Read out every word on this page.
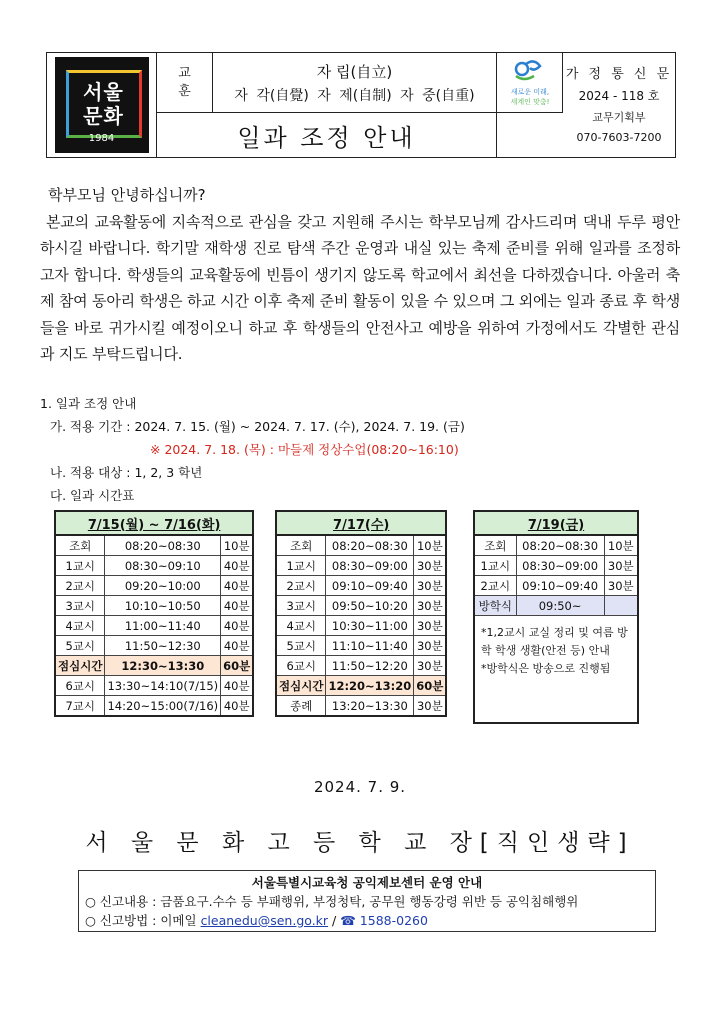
서울
문화
1984
교
훈
자 립(自立)
자 각(自覺) 자 제(自制) 자 중(自重)	새로운 미래,
세계인 맞춤!
일과 조정 안내
가 정 통 신 문
2024 - 118 호
교무기획부
070-7603-7200
학부모님 안녕하십니까?
본교의 교육활동에 지속적으로 관심을 갖고 지원해 주시는 학부모님께 감사드리며 댁내 두루 평안하시길 바랍니다. 학기말 재학생 진로 탐색 주간 운영과 내실 있는 축제 준비를 위해 일과를 조정하고자 합니다. 학생들의 교육활동에 빈틈이 생기지 않도록 학교에서 최선을 다하겠습니다. 아울러 축제 참여 동아리 학생은 하교 시간 이후 축제 준비 활동이 있을 수 있으며 그 외에는 일과 종료 후 학생들을 바로 귀가시킬 예정이오니 하교 후 학생들의 안전사고 예방을 위하여 가정에서도 각별한 관심과 지도 부탁드립니다.
1. 일과 조정 안내
가. 적용 기간 : 2024. 7. 15. (월) ~ 2024. 7. 17. (수), 2024. 7. 19. (금)
※ 2024. 7. 18. (목) : 마들제 정상수업(08:20~16:10)
나. 적용 대상 : 1, 2, 3 학년
다. 일과 시간표
7/15(월) ~ 7/16(화)		
조회	08:20~08:30	10분
1교시	08:30~09:10	40분
2교시	09:20~10:00	40분
3교시	10:10~10:50	40분
4교시	11:00~11:40	40분
5교시	11:50~12:30	40분
점심시간	12:30~13:30	60분
6교시	13:30~14:10(7/15)	40분
7교시	14:20~15:00(7/16)	40분
7/17(수)		
조회	08:20~08:30	10분
1교시	08:30~09:00	30분
2교시	09:10~09:40	30분
3교시	09:50~10:20	30분
4교시	10:30~11:00	30분
5교시	11:10~11:40	30분
6교시	11:50~12:20	30분
점심시간	12:20~13:20	60분
종례	13:20~13:30	30분
7/19(금)		
조회	08:20~08:30	10분
1교시	08:30~09:00	30분
2교시	09:10~09:40	30분
방학식	09:50~	

*1,2교시 교실 정리 및 여름 방학 학생 생활(안전 등) 안내
*방학식은 방송으로 진행됨		
2024. 7. 9.
서 울 문 화 고 등 학 교 장[직인생략]
서울특별시교육청 공익제보센터 운영 안내
○ 신고내용 : 금품요구.수수 등 부패행위, 부정청탁, 공무원 행동강령 위반 등 공익침해행위
○ 신고방법 : 이메일 cleanedu@sen.go.kr / ☎ 1588-0260
